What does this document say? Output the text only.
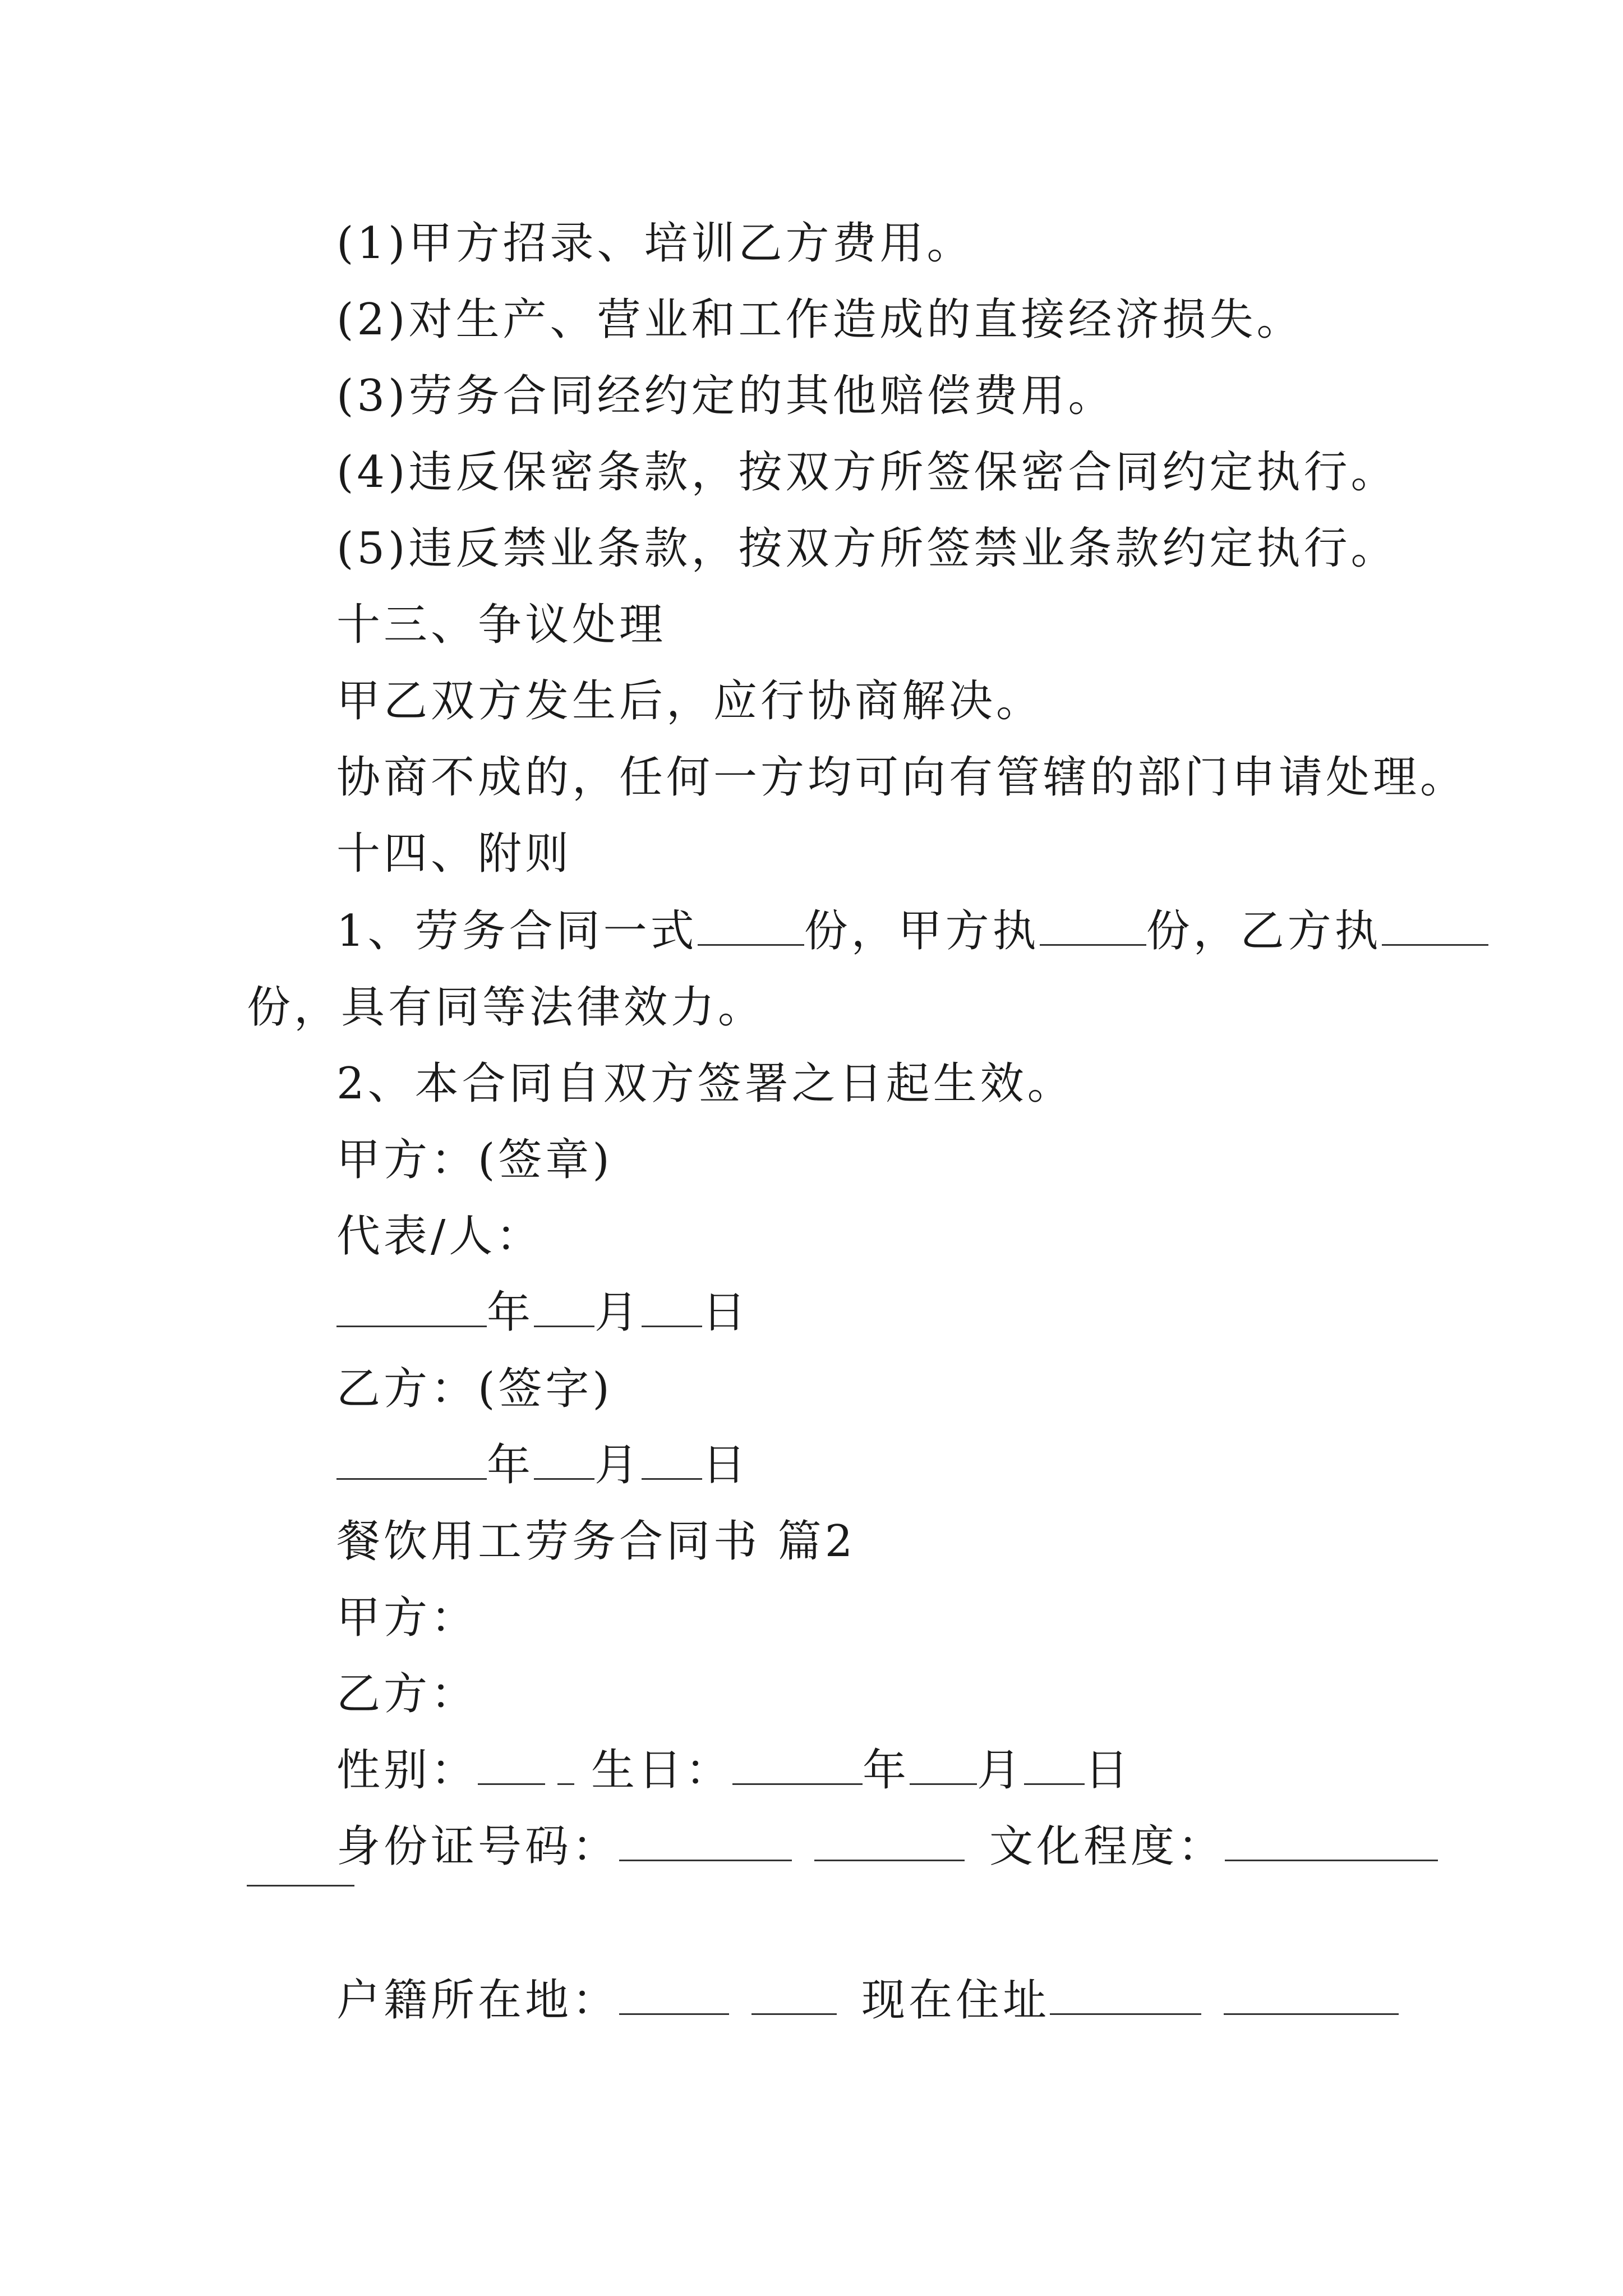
(1)甲方招录、培训乙方费用。
(2)对生产、营业和工作造成的直接经济损失。
(3)劳务合同经约定的其他赔偿费用。
(4)违反保密条款，按双方所签保密合同约定执行。
(5)违反禁业条款，按双方所签禁业条款约定执行。
十三、争议处理
甲乙双方发生后，应行协商解决。
协商不成的，任何一方均可向有管辖的部门申请处理。
十四、附则
1、劳务合同一式 份，甲方执 份，乙方执
份，具有同等法律效力。
2、本合同自双方签署之日起生效。
甲方：(签章)
代表/人：
年 月 日
乙方：(签字)
年 月 日
餐饮用工劳务合同书 篇2
甲方：
乙方：
性别：	生日：	年 月 日
身份证号码：	文化程度：
户籍所在地：	现在住址
